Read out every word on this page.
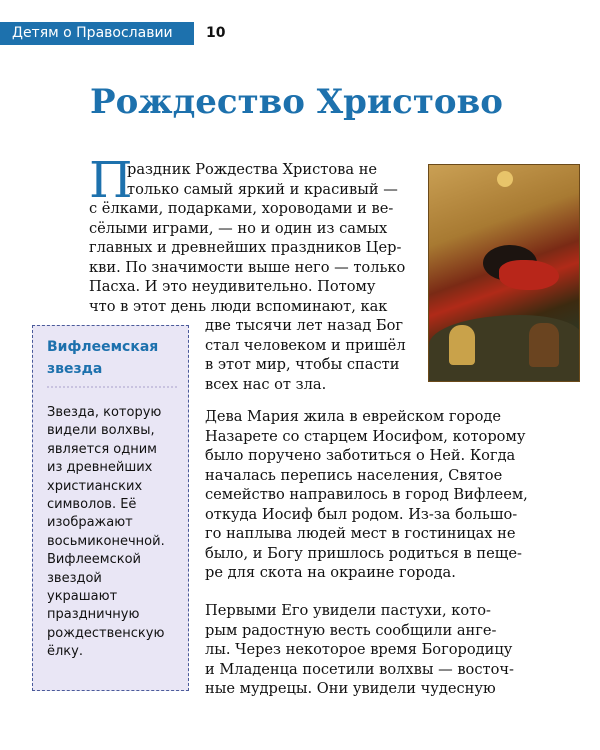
Детям о Православии	10
Рождество Христово
П
раздник Рождества Христова не
только самый яркий и красивый —
с ёлками, подарками, хороводами и ве-
сёлыми играми, — но и один из самых
главных и древнейших праздников Цер-
кви. По значимости выше него — только
Пасха. И это неудивительно. Потому
что в этот день люди вспоминают, как
две тысячи лет назад Бог
стал человеком и пришёл
в этот мир, чтобы спасти
всех нас от зла.
Вифлеемская
звезда
Звезда, которую
видели волхвы,
является одним
из древнейших
христианских
символов. Её
изображают
восьмиконечной.
Вифлеемской
звездой
украшают
праздничную
рождественскую
ёлку.
Дева Мария жила в еврейском городе
Назарете со старцем Иосифом, которому
было поручено заботиться о Ней. Когда
началась перепись населения, Святое
семейство направилось в город Вифлеем,
откуда Иосиф был родом. Из-за большо-
го наплыва людей мест в гостиницах не
было, и Богу пришлось родиться в пеще-
ре для скота на окраине города.
Первыми Его увидели пастухи, кото-
рым радостную весть сообщили анге-
лы. Через некоторое время Богородицу
и Младенца посетили волхвы — восточ-
ные мудрецы. Они увидели чудесную
